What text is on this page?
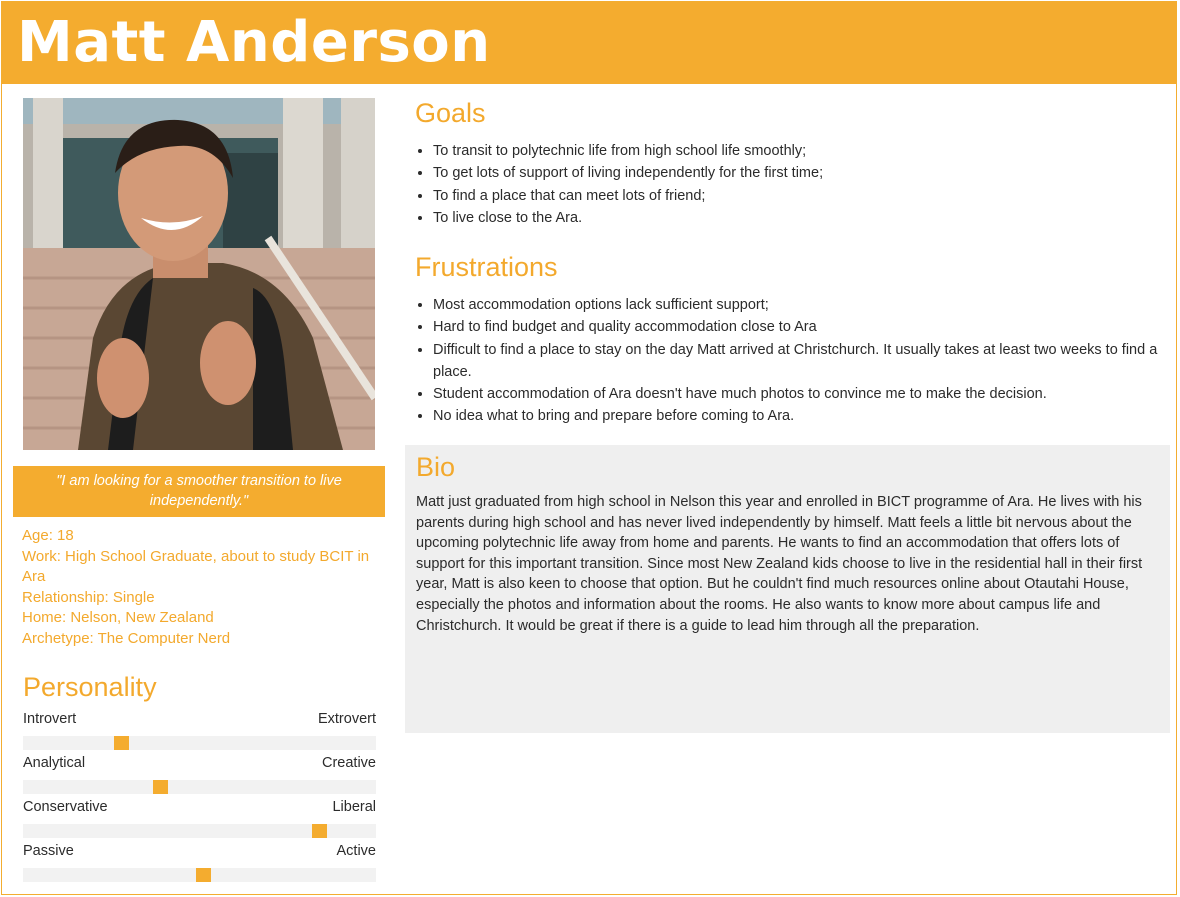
Matt Anderson
"I am looking for a smoother transition to live independently."
Age: 18
Work: High School Graduate, about to study BCIT in Ara
Relationship: Single
Home: Nelson, New Zealand
Archetype: The Computer Nerd
Personality
Introvert	Extrovert
Analytical	Creative
Conservative	Liberal
Passive	Active
Goals
• To transit to polytechnic life from high school life smoothly;
• To get lots of support of living independently for the first time;
• To find a place that can meet lots of friend;
• To live close to the Ara.
Frustrations
• Most accommodation options lack sufficient support;
• Hard to find budget and quality accommodation close to Ara
• Difficult to find a place to stay on the day Matt arrived at Christchurch. It usually takes at least two weeks to find a place.
• Student accommodation of Ara doesn't have much photos to convince me to make the decision.
• No idea what to bring and prepare before coming to Ara.
Bio

Matt just graduated from high school in Nelson this year and enrolled in BICT programme of Ara. He lives with his parents during high school and has never lived independently by himself. Matt feels a little bit nervous about the upcoming polytechnic life away from home and parents. He wants to find an accommodation that offers lots of support for this important transition. Since most New Zealand kids choose to live in the residential hall in their first year, Matt is also keen to choose that option. But he couldn't find much resources online about Otautahi House, especially the photos and information about the rooms. He also wants to know more about campus life and Christchurch. It would be great if there is a guide to lead him through all the preparation.
